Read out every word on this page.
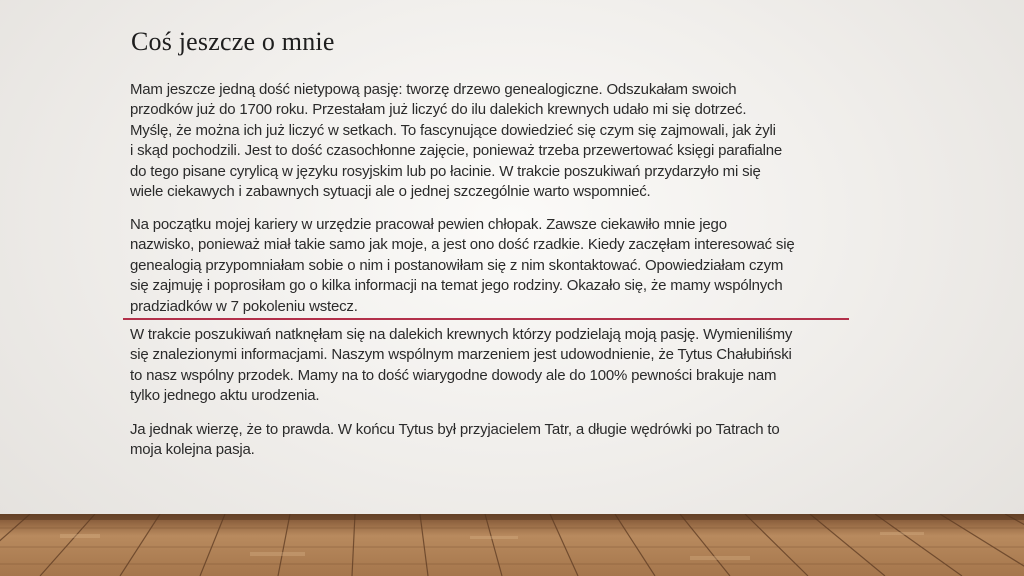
Coś jeszcze o mnie
Mam jeszcze jedną dość nietypową pasję: tworzę drzewo genealogiczne. Odszukałam swoich
przodków już do 1700 roku. Przestałam już liczyć do ilu dalekich krewnych udało mi się dotrzeć.
Myślę, że można ich już liczyć w setkach. To fascynujące dowiedzieć się czym się zajmowali, jak żyli
i skąd pochodzili. Jest to dość czasochłonne zajęcie, ponieważ trzeba przewertować księgi parafialne
do tego pisane cyrylicą w języku rosyjskim lub po łacinie. W trakcie poszukiwań przydarzyło mi się
wiele ciekawych i zabawnych sytuacji ale o jednej szczególnie warto wspomnieć.
Na początku mojej kariery w urzędzie pracował pewien chłopak. Zawsze ciekawiło mnie jego
nazwisko, ponieważ miał takie samo jak moje, a jest ono dość rzadkie. Kiedy zaczęłam interesować się
genealogią przypomniałam sobie o nim i postanowiłam się z nim skontaktować. Opowiedziałam czym
się zajmuję i poprosiłam go o kilka informacji na temat jego rodziny. Okazało się, że mamy wspólnych
pradziadków w 7 pokoleniu wstecz.
W trakcie poszukiwań natknęłam się na dalekich krewnych którzy podzielają moją pasję. Wymieniliśmy
się znalezionymi informacjami. Naszym wspólnym marzeniem jest udowodnienie, że Tytus Chałubiński
to nasz wspólny przodek. Mamy na to dość wiarygodne dowody ale do 100% pewności brakuje nam
tylko jednego aktu urodzenia.
Ja jednak wierzę, że to prawda. W końcu Tytus był przyjacielem Tatr, a długie wędrówki po Tatrach to
moja kolejna pasja.
